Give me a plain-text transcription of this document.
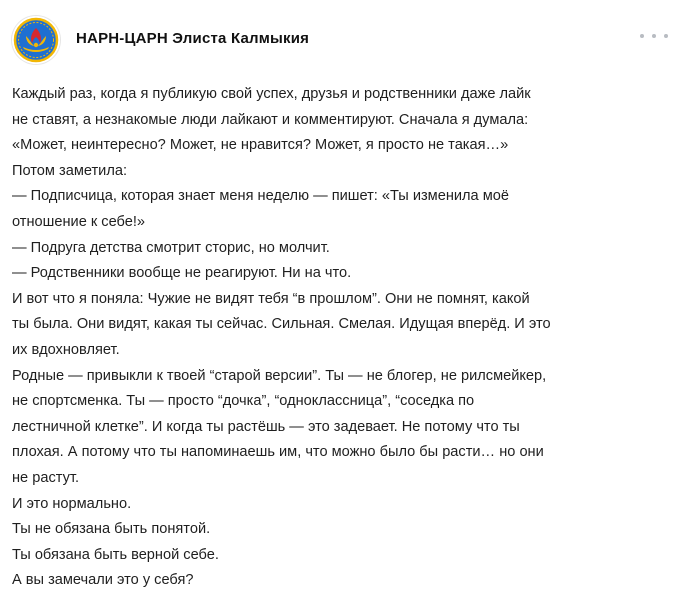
НАРН-ЦАРН Элиста Калмыкия
Каждый раз, когда я публикую свой успех, друзья и родственники даже лайк
не ставят, а незнакомые люди лайкают и комментируют. Сначала я думала:
«Может, неинтересно? Может, не нравится? Может, я просто не такая…»
Потом заметила:
— Подписчица, которая знает меня неделю — пишет: «Ты изменила моё
отношение к себе!»
— Подруга детства смотрит сторис, но молчит.
— Родственники вообще не реагируют. Ни на что.
И вот что я поняла: Чужие не видят тебя “в прошлом”. Они не помнят, какой
ты была. Они видят, какая ты сейчас. Сильная. Смелая. Идущая вперёд. И это
их вдохновляет.
Родные — привыкли к твоей “старой версии”. Ты — не блогер, не рилсмейкер,
не спортсменка. Ты — просто “дочка”, “одноклассница”, “соседка по
лестничной клетке”. И когда ты растёшь — это задевает. Не потому что ты
плохая. А потому что ты напоминаешь им, что можно было бы расти… но они
не растут.
И это нормально.
Ты не обязана быть понятой.
Ты обязана быть верной себе.
А вы замечали это у себя?
